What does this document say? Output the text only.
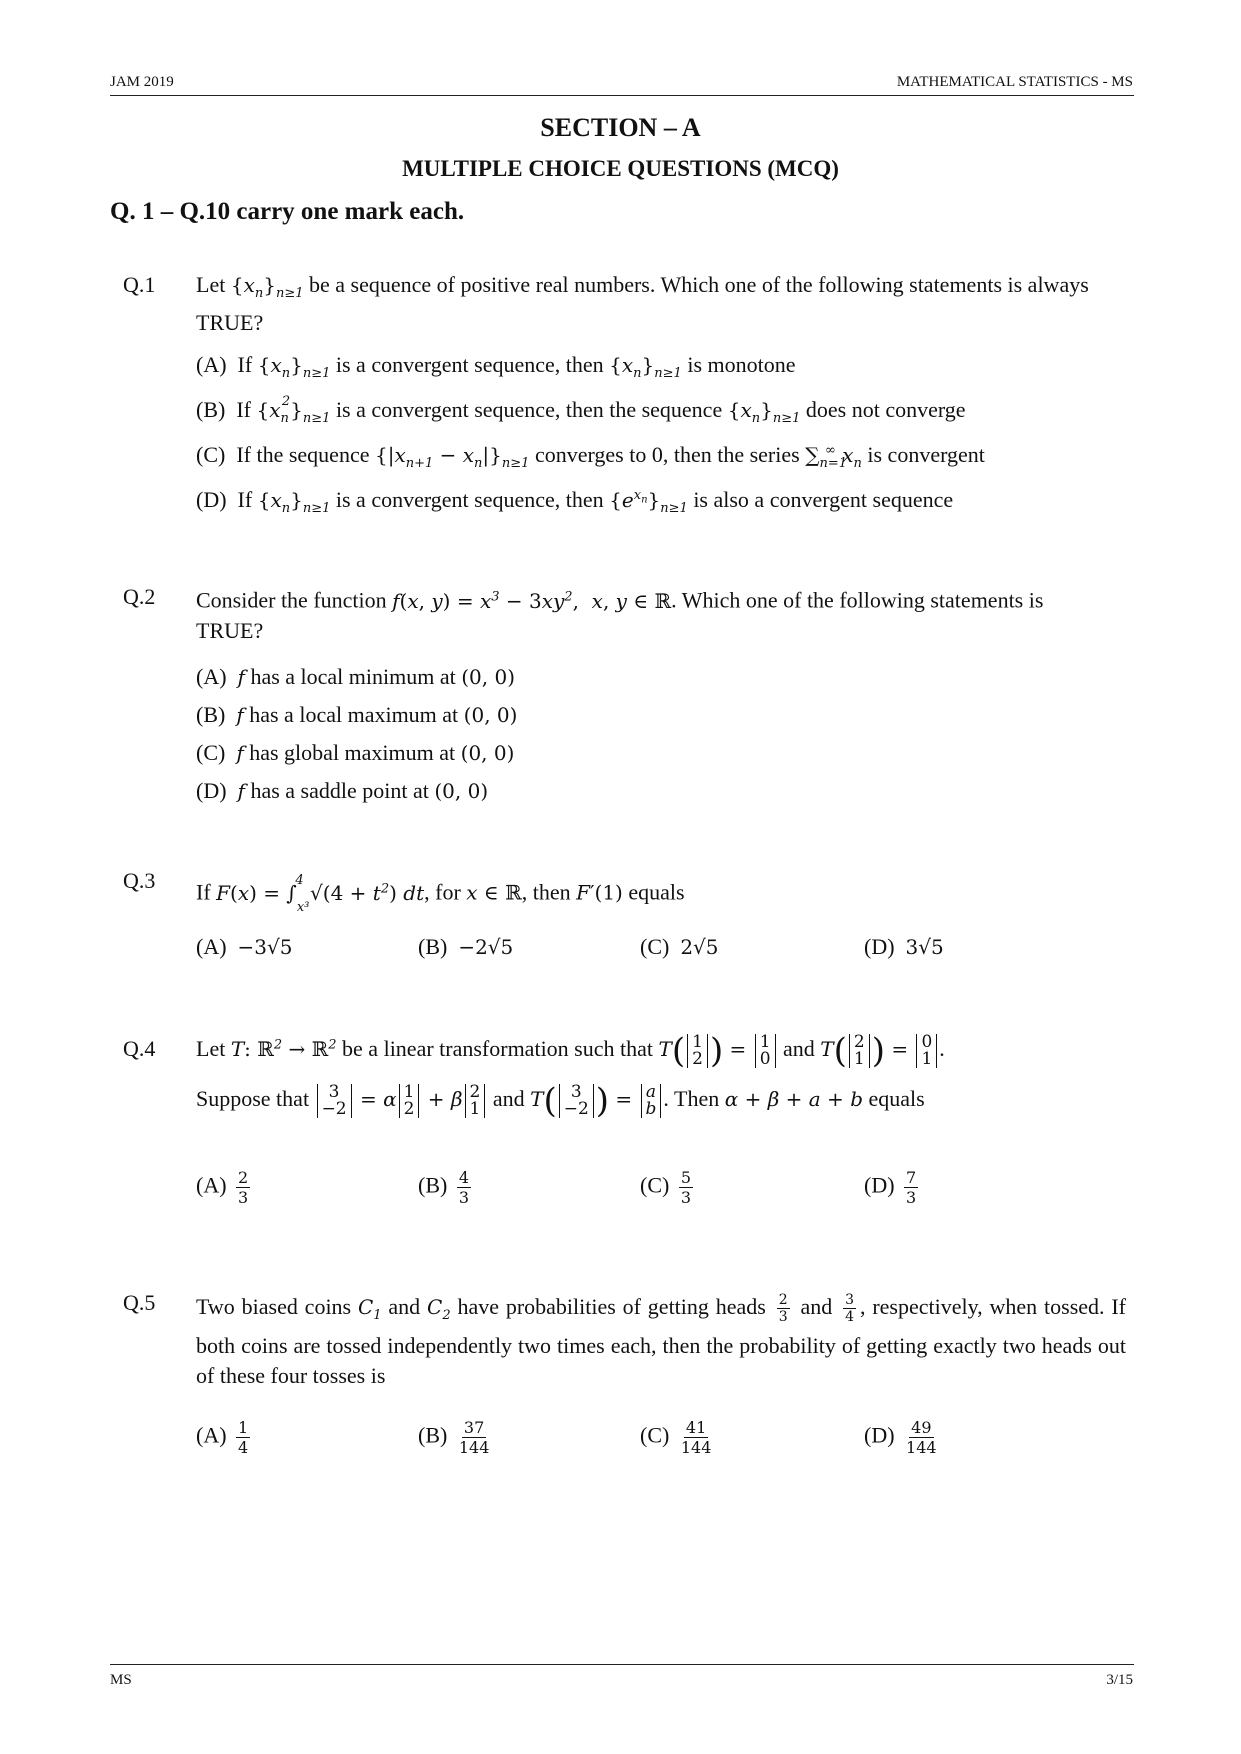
JAM 2019	MATHEMATICAL STATISTICS - MS
SECTION – A
MULTIPLE CHOICE QUESTIONS (MCQ)
Q. 1 – Q.10 carry one mark each.
Q.1 Let $\{x_n\}_{n\ge 1}$ be a sequence of positive real numbers. Which one of the following statements is always TRUE?
(A) If $\{x_n\}_{n\ge 1}$ is a convergent sequence, then $\{x_n\}_{n\ge 1}$ is monotone
(B) If $\{x_n^2\}_{n\ge 1}$ is a convergent sequence, then the sequence $\{x_n\}_{n\ge 1}$ does not converge
(C) If the sequence $\{|x_{n+1} - x_n|\}_{n\ge 1}$ converges to 0, then the series $\sum_{n=1}^\infty$ $x_n$ is convergent
(D) If $\{x_n\}_{n\ge 1}$ is a convergent sequence, then $\{e^{x_n}\}_{n\ge 1}$ is also a convergent sequence
Q.2 Consider the function f(x, $y) = x^3 - 3xy^2$,  x, y ∈ ℝ. Which one of the following statements is TRUE?
(A) f has a local minimum at (0, 0)
(B) f has a local maximum at (0, 0)
(C) f has global maximum at (0, 0)
(D) f has a saddle point at (0, 0)
Q.3 If $F(x) = \int_{x^3}^4$ $√(4 + t^2)$ dt, for x ∈ ℝ, then F′(1) equals
(A) −3√5	(B) −2√5	(C) 2√5	(D) 3√5
Q.4 Let T: ℝ$^2$ → ℝ$^2$ be a linear transformation such that T( 1
2 ) = 1
0 and T( 2
1 ) = 0
1 .
Suppose that 3
−2 = α 1
2 + β 2
1 and T( 3
−2 ) = a
b . Then α + β + a + b equals
$(A) \frac{2}{3}$	$(B) \frac{4}{3}$	$(C) \frac{5}{3}$	$(D) \frac{7}{3}$
Q.5 Two biased coins $C_1$ and $C_2$ have probabilities of getting heads $\frac{2}{3}$ and $\frac{3}{4}$ , respectively, when tossed. If both coins are tossed independently two times each, then the probability of getting exactly two heads out of these four tosses is
$(A) \frac{1}{4}$	$(B) \frac{37}{144}$	$(C) \frac{41}{144}$	$(D) \frac{49}{144}$
MS	3/15
